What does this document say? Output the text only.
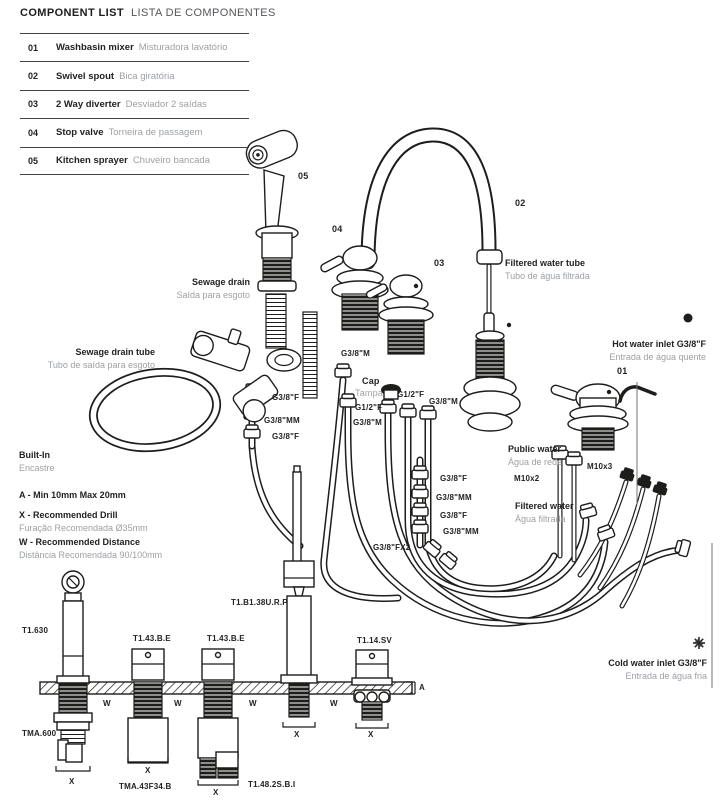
COMPONENT LIST LISTA DE COMPONENTES
01	Washbasin mixer Misturadora lavatório
02	Swivel spout Bica giratória
03	2 Way diverter Desviador 2 saídas
04	Stop valve Torneira de passagem
05	Kitchen sprayer Chuveiro bancada
05
04
03
02
01
Sewage drain
Saída para esgoto
Sewage drain tube
Tubo de saída para esgoto
Filtered water tube
Tubo de água filtrada
Hot water inlet G3/8"F
Entrada de água quente
Cold water inlet G3/8"F
Entrada de água fria
Public water
Água de rede
Filtered water
Água filtrada
Built-In
Encastre
A - Min 10mm Max 20mm
X - Recommended Drill
Furação Recomendada Ø35mm
W - Recommended Distance
Distância Recomendada 90/100mm
G3/8"M
Cap
Tampa G1/2"F
G3/8"M
G1/2"F
G3/8"M
G3/8"F
G3/8"MM
G3/8"F
G3/8"F
G3/8"MM
G3/8"F
G3/8"MM
G3/8"FX2
M10x2
M10x3
T1.630
T1.43.B.E	T1.43.B.E
T1.B1.38U.R.P
T1.14.SV
TMA.600
TMA.43F34.B	T1.48.2S.B.I
W	W	W	W
X
X
X
X	X
A
